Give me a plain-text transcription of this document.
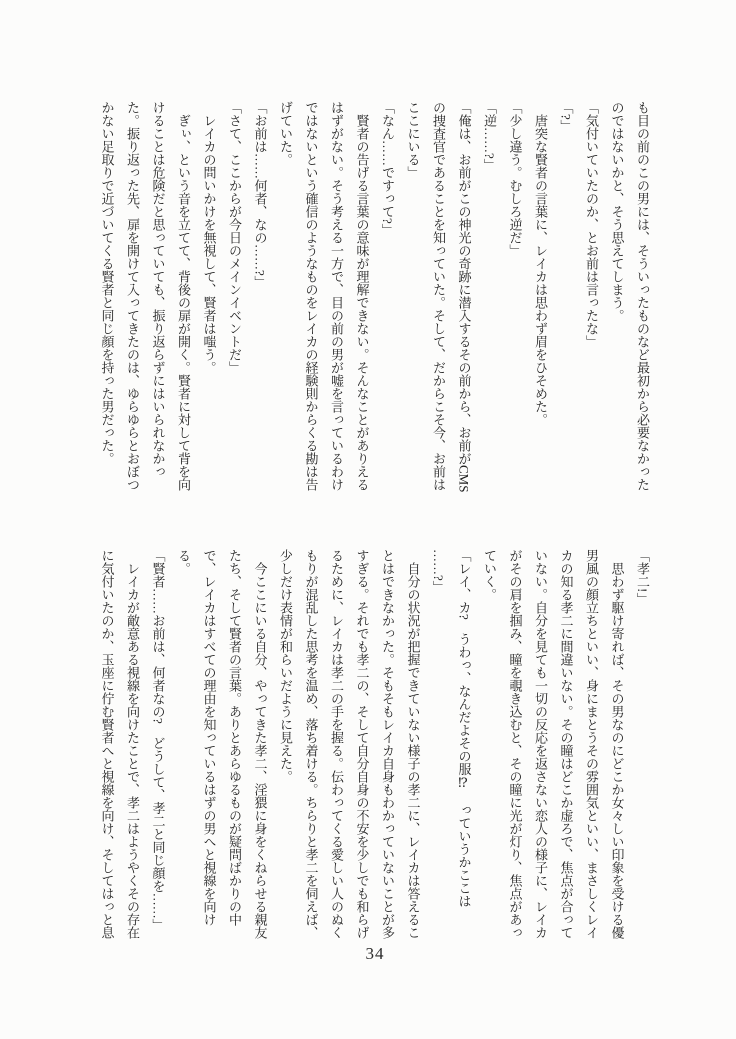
も目の前のこの男には、そういったものなど最初から必要なかった

のではないかと、そう思えてしまう。

「気付いていたのか、とお前は言ったな」

「?」

　唐突な賢者の言葉に、レイカは思わず眉をひそめた。

「少し違う。むしろ逆だ」

「逆……?」

「俺は、お前がこの神光の奇跡に潜入するその前から、お前がCMS

の捜査官であることを知っていた。そして、だからこそ今、お前は

ここにいる」

「なん……ですって?」

　賢者の告げる言葉の意味が理解できない。そんなことがありえる

はずがない。そう考える一方で、目の前の男が嘘を言っているわけ

ではないという確信のようなものをレイカの経験則からくる勘は告

げていた。

「お前は……何者、なの……?」

「さて、ここからが今日のメインイベントだ」

　レイカの問いかけを無視して、賢者は嗤う。

　ぎぃ、という音を立てて、背後の扉が開く。賢者に対して背を向

けることは危険だと思っていても、振り返らずにはいられなかっ

た。振り返った先、扉を開けて入ってきたのは、ゆらゆらとおぼつ

かない足取りで近づいてくる賢者と同じ顔を持った男だった。

「孝二!」

　思わず駆け寄れば、その男なのにどこか女々しい印象を受ける優

男風の顔立ちといい、身にまとうその雰囲気といい、まさしくレイ

カの知る孝二に間違いない。その瞳はどこか虚ろで、焦点が合って

いない。自分を見ても一切の反応を返さない恋人の様子に、レイカ

がその肩を掴み、瞳を覗き込むと、その瞳に光が灯り、焦点があっ

ていく。

「レイ、カ?　うわっ、なんだよその服⁉　っていうかここは

……?」

　自分の状況が把握できていない様子の孝二に、レイカは答えるこ

とはできなかった。そもそもレイカ自身もわかっていないことが多

すぎる。それでも孝二の、そして自分自身の不安を少しでも和らげ

るために、レイカは孝二の手を握る。伝わってくる愛しい人のぬく

もりが混乱した思考を温め、落ち着ける。ちらりと孝二を伺えば、

少しだけ表情が和らいだように見えた。

　今ここにいる自分、やってきた孝二、淫猥に身をくねらせる親友

たち、そして賢者の言葉。ありとあらゆるものが疑問ばかりの中

で、レイカはすべての理由を知っているはずの男へと視線を向け

る。

「賢者……お前は、何者なの?　どうして、孝二と同じ顔を……」

　レイカが敵意ある視線を向けたことで、孝二はようやくその存在

に気付いたのか、玉座に佇む賢者へと視線を向け、そしてはっと息

34
